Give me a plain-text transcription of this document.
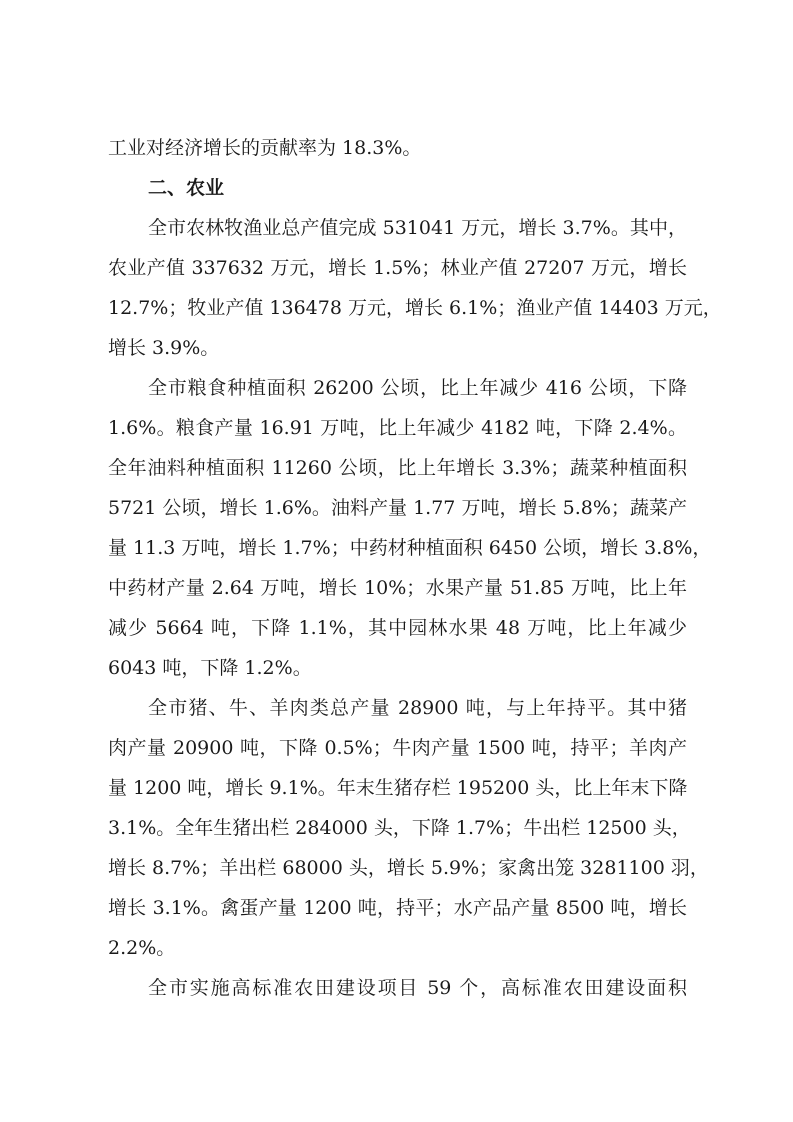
工业对经济增长的贡献率为 18.3%。
二、农业
全市农林牧渔业总产值完成 531041 万元，增长 3.7%。其中，
农业产值 337632 万元，增长 1.5%；林业产值 27207 万元，增长
12.7%；牧业产值 136478 万元，增长 6.1%；渔业产值 14403 万元，
增长 3.9%。
全市粮食种植面积 26200 公顷，比上年减少 416 公顷，下降
1.6%。粮食产量 16.91 万吨，比上年减少 4182 吨，下降 2.4%。
全年油料种植面积 11260 公顷，比上年增长 3.3%；蔬菜种植面积
5721 公顷，增长 1.6%。油料产量 1.77 万吨，增长 5.8%；蔬菜产
量 11.3 万吨，增长 1.7%；中药材种植面积 6450 公顷，增长 3.8%，
中药材产量 2.64 万吨，增长 10%；水果产量 51.85 万吨，比上年
减少 5664 吨，下降 1.1%，其中园林水果 48 万吨，比上年减少
6043 吨，下降 1.2%。
全市猪、牛、羊肉类总产量 28900 吨，与上年持平。其中猪
肉产量 20900 吨，下降 0.5%；牛肉产量 1500 吨，持平；羊肉产
量 1200 吨，增长 9.1%。年末生猪存栏 195200 头，比上年末下降
3.1%。全年生猪出栏 284000 头，下降 1.7%；牛出栏 12500 头，
增长 8.7%；羊出栏 68000 头，增长 5.9%；家禽出笼 3281100 羽，
增长 3.1%。禽蛋产量 1200 吨，持平；水产品产量 8500 吨，增长
2.2%。
全市实施高标准农田建设项目 59 个，高标准农田建设面积
